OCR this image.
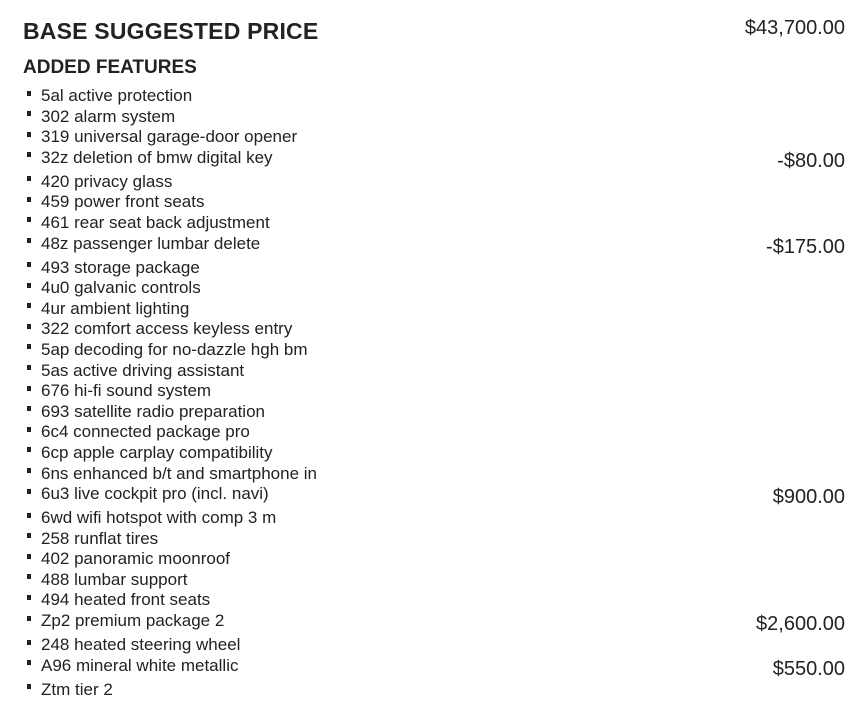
BASE SUGGESTED PRICE	$43,700.00
ADDED FEATURES
5al active protection
302 alarm system
319 universal garage-door opener
32z deletion of bmw digital key	-$80.00
420 privacy glass
459 power front seats
461 rear seat back adjustment
48z passenger lumbar delete	-$175.00
493 storage package
4u0 galvanic controls
4ur ambient lighting
322 comfort access keyless entry
5ap decoding for no-dazzle hgh bm
5as active driving assistant
676 hi-fi sound system
693 satellite radio preparation
6c4 connected package pro
6cp apple carplay compatibility
6ns enhanced b/t and smartphone in
6u3 live cockpit pro (incl. navi)	$900.00
6wd wifi hotspot with comp 3 m
258 runflat tires
402 panoramic moonroof
488 lumbar support
494 heated front seats
Zp2 premium package 2	$2,600.00
248 heated steering wheel
A96 mineral white metallic	$550.00
Ztm tier 2
